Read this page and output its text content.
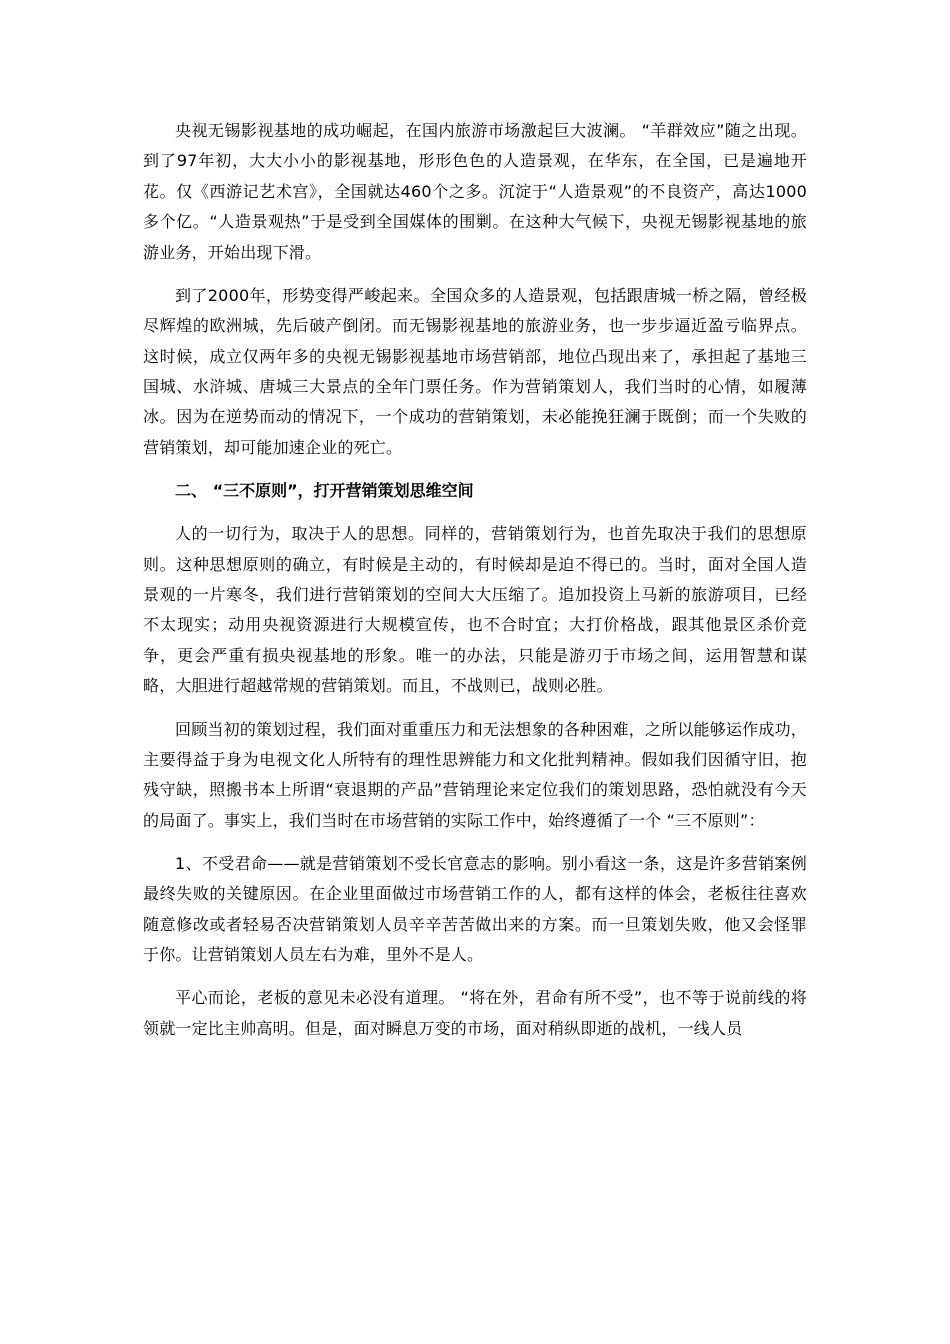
央视无锡影视基地的成功崛起，在国内旅游市场激起巨大波澜。 “羊群效应”随之出现。到了97年初，大大小小的影视基地，形形色色的人造景观，在华东，在全国，已是遍地开花。仅《西游记艺术宫》，全国就达460个之多。沉淀于“人造景观”的不良资产，高达1000多个亿。“人造景观热”于是受到全国媒体的围剿。在这种大气候下，央视无锡影视基地的旅游业务，开始出现下滑。

到了2000年，形势变得严峻起来。全国众多的人造景观，包括跟唐城一桥之隔，曾经极尽辉煌的欧洲城，先后破产倒闭。而无锡影视基地的旅游业务，也一步步逼近盈亏临界点。这时候，成立仅两年多的央视无锡影视基地市场营销部，地位凸现出来了，承担起了基地三国城、水浒城、唐城三大景点的全年门票任务。作为营销策划人，我们当时的心情，如履薄冰。因为在逆势而动的情况下，一个成功的营销策划，未必能挽狂澜于既倒；而一个失败的营销策划，却可能加速企业的死亡。

二、 “三不原则”，打开营销策划思维空间

人的一切行为，取决于人的思想。同样的，营销策划行为，也首先取决于我们的思想原则。这种思想原则的确立，有时候是主动的，有时候却是迫不得已的。当时，面对全国人造景观的一片寒冬，我们进行营销策划的空间大大压缩了。追加投资上马新的旅游项目，已经不太现实；动用央视资源进行大规模宣传，也不合时宜；大打价格战，跟其他景区杀价竞争，更会严重有损央视基地的形象。唯一的办法，只能是游刃于市场之间，运用智慧和谋略，大胆进行超越常规的营销策划。而且，不战则已，战则必胜。

回顾当初的策划过程，我们面对重重压力和无法想象的各种困难，之所以能够运作成功，主要得益于身为电视文化人所特有的理性思辨能力和文化批判精神。假如我们因循守旧，抱残守缺，照搬书本上所谓“衰退期的产品”营销理论来定位我们的策划思路，恐怕就没有今天的局面了。事实上，我们当时在市场营销的实际工作中，始终遵循了一个 “三不原则”：

1、不受君命——就是营销策划不受长官意志的影响。别小看这一条，这是许多营销案例最终失败的关键原因。在企业里面做过市场营销工作的人，都有这样的体会，老板往往喜欢随意修改或者轻易否决营销策划人员辛辛苦苦做出来的方案。而一旦策划失败，他又会怪罪于你。让营销策划人员左右为难，里外不是人。

平心而论，老板的意见未必没有道理。 “将在外，君命有所不受”，也不等于说前线的将领就一定比主帅高明。但是，面对瞬息万变的市场，面对稍纵即逝的战机，一线人员
